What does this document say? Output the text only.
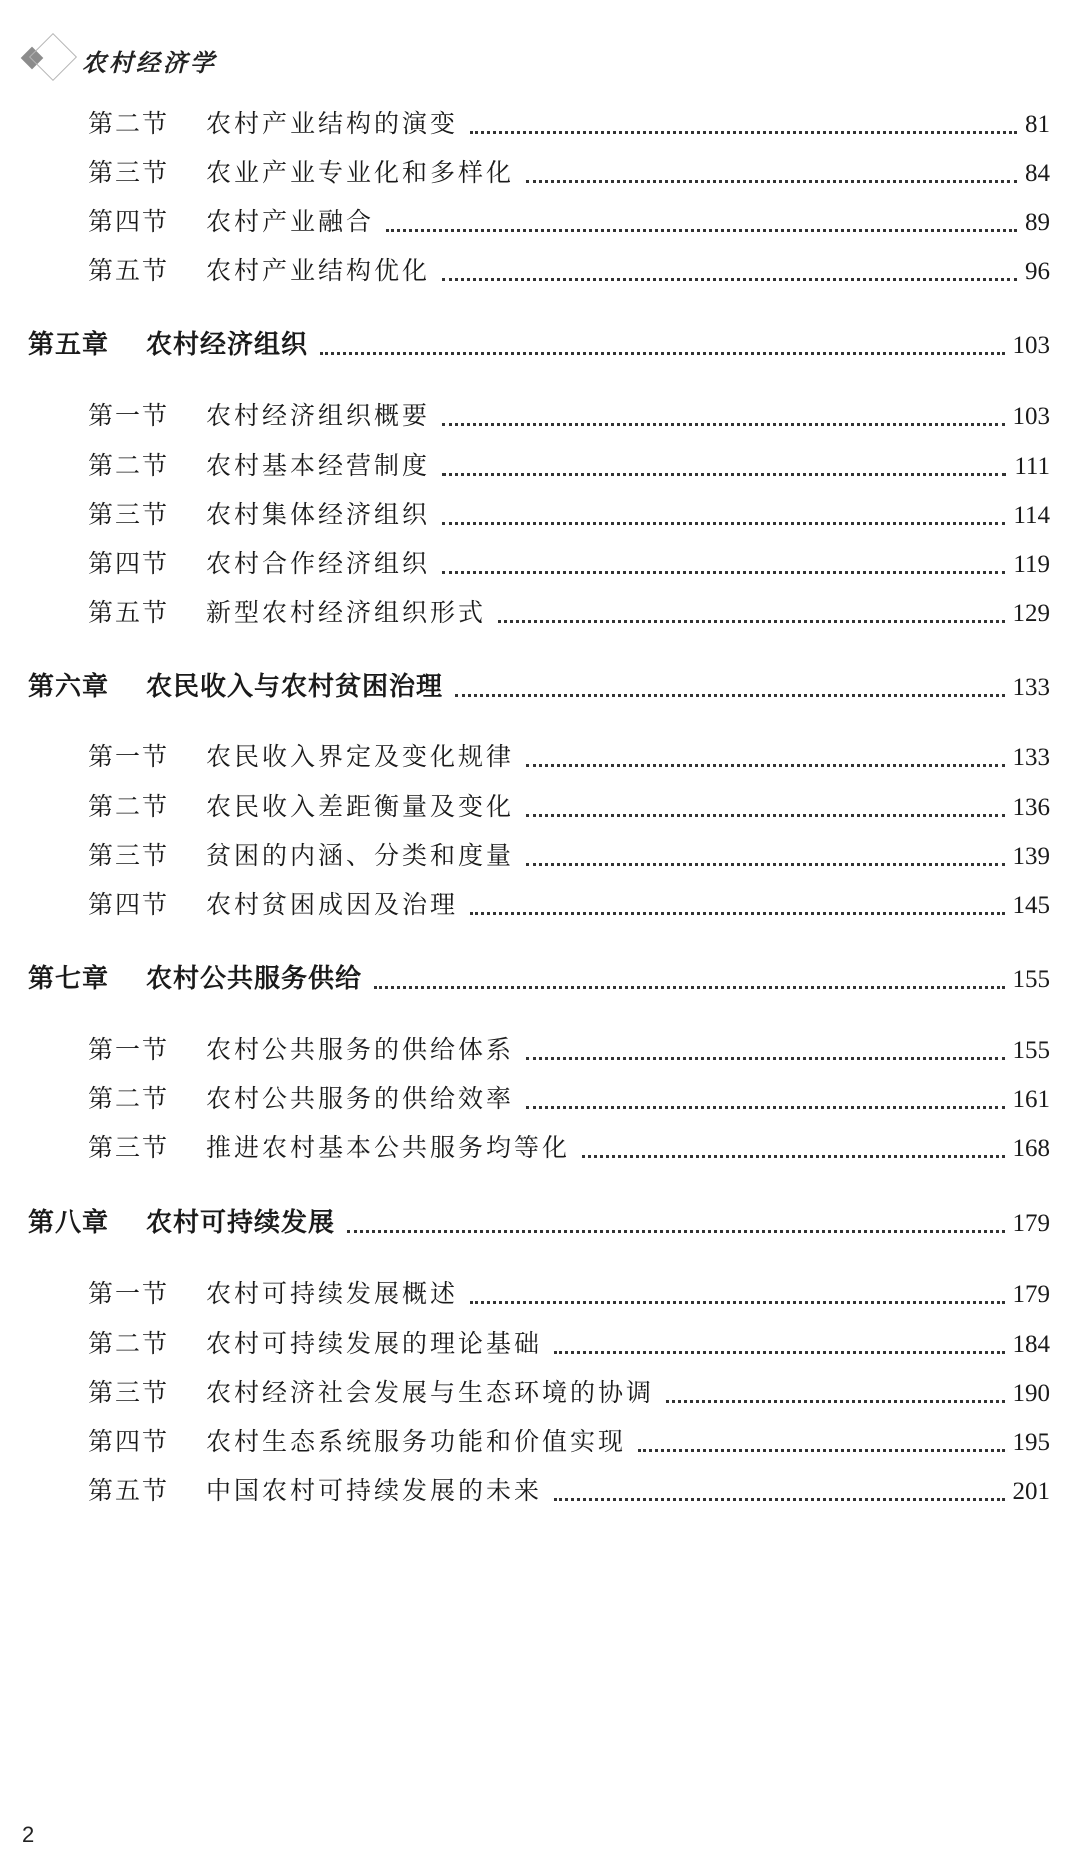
农村经济学
第二节	农村产业结构的演变	81
第三节	农业产业专业化和多样化	84
第四节	农村产业融合	89
第五节	农村产业结构优化	96
第五章	农村经济组织	103
第一节	农村经济组织概要	103
第二节	农村基本经营制度	111
第三节	农村集体经济组织	114
第四节	农村合作经济组织	119
第五节	新型农村经济组织形式	129
第六章	农民收入与农村贫困治理	133
第一节	农民收入界定及变化规律	133
第二节	农民收入差距衡量及变化	136
第三节	贫困的内涵、分类和度量	139
第四节	农村贫困成因及治理	145
第七章	农村公共服务供给	155
第一节	农村公共服务的供给体系	155
第二节	农村公共服务的供给效率	161
第三节	推进农村基本公共服务均等化	168
第八章	农村可持续发展	179
第一节	农村可持续发展概述	179
第二节	农村可持续发展的理论基础	184
第三节	农村经济社会发展与生态环境的协调	190
第四节	农村生态系统服务功能和价值实现	195
第五节	中国农村可持续发展的未来	201
2
